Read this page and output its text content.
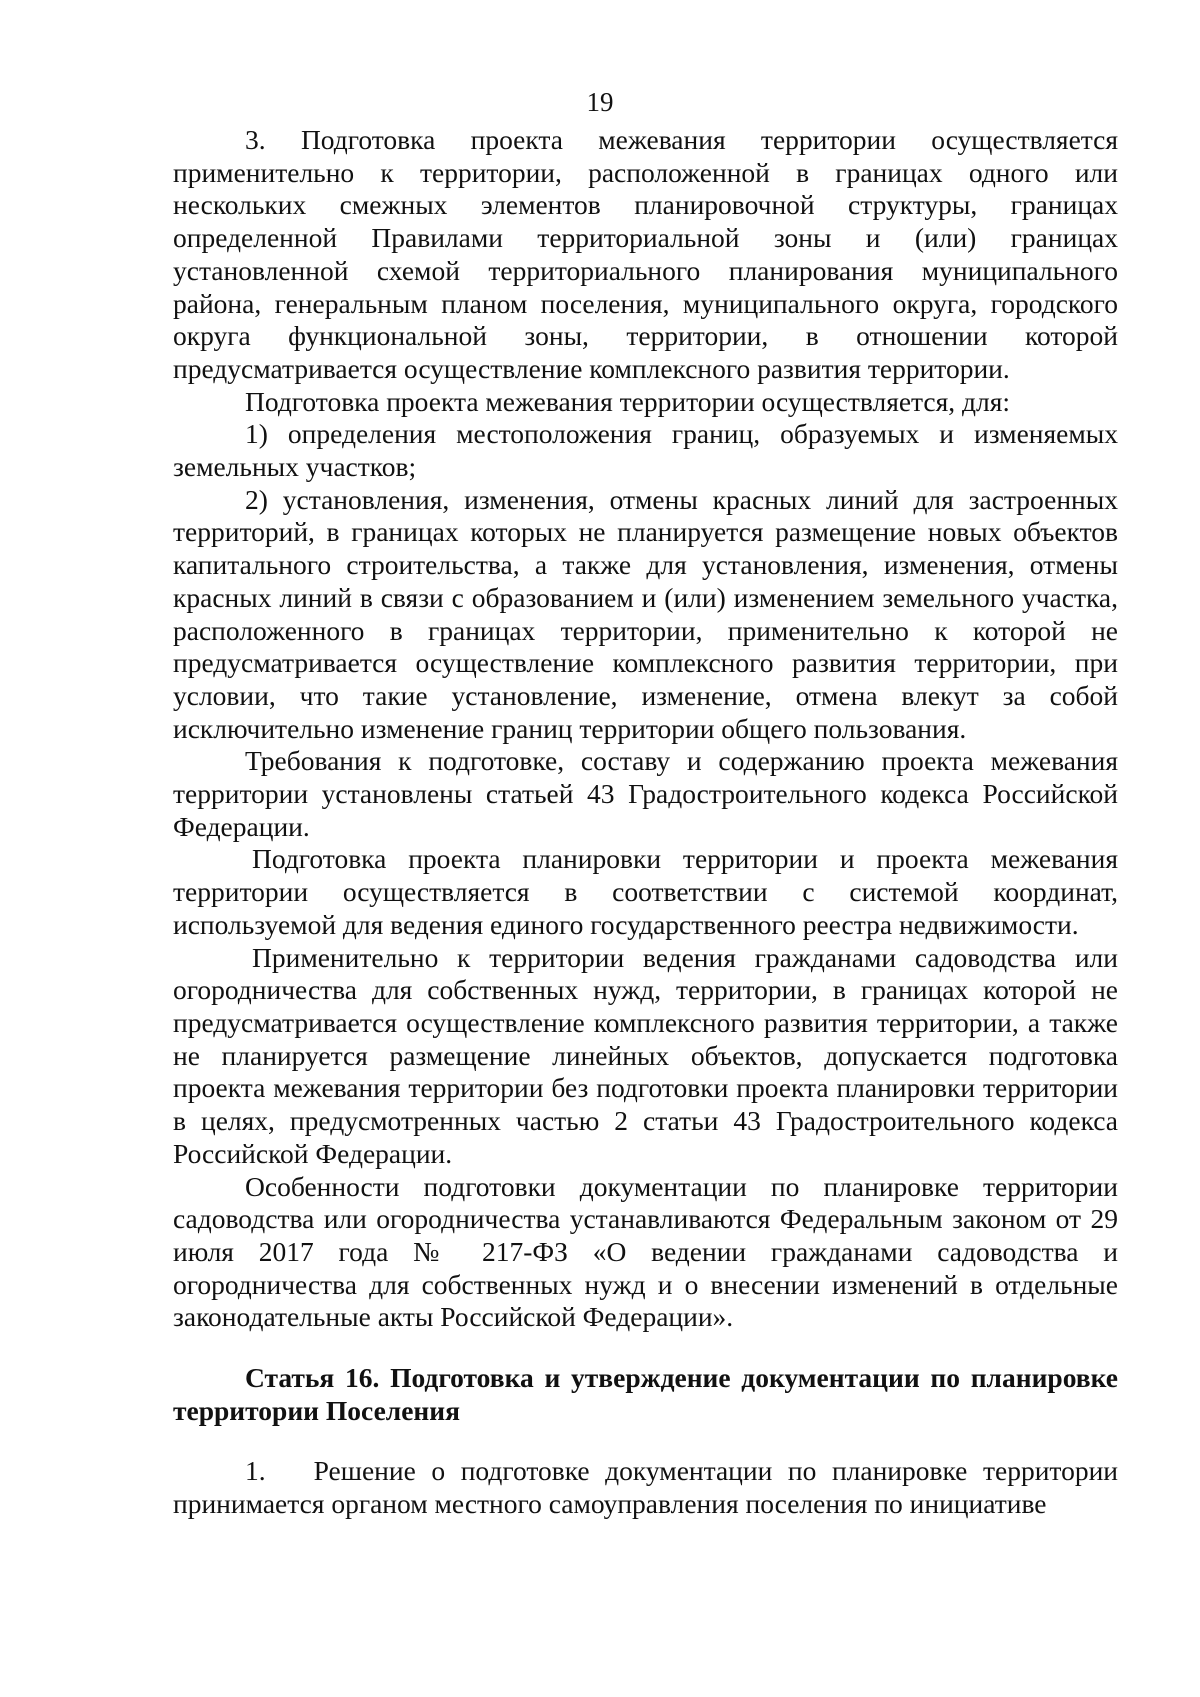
19

3. Подготовка проекта межевания территории осуществляется применительно к территории, расположенной в границах одного или нескольких смежных элементов планировочной структуры, границах определенной Правилами территориальной зоны и (или) границах установленной схемой территориального планирования муниципального района, генеральным планом поселения, муниципального округа, городского округа функциональной зоны, территории, в отношении которой предусматривается осуществление комплексного развития территории.

Подготовка проекта межевания территории осуществляется, для:

1) определения местоположения границ, образуемых и изменяемых земельных участков;

2) установления, изменения, отмены красных линий для застроенных территорий, в границах которых не планируется размещение новых объектов капитального строительства, а также для установления, изменения, отмены красных линий в связи с образованием и (или) изменением земельного участка, расположенного в границах территории, применительно к которой не предусматривается осуществление комплексного развития территории, при условии, что такие установление, изменение, отмена влекут за собой исключительно изменение границ территории общего пользования.

Требования к подготовке, составу и содержанию проекта межевания территории установлены статьей 43 Градостроительного кодекса Российской Федерации.

Подготовка проекта планировки территории и проекта межевания территории осуществляется в соответствии с системой координат, используемой для ведения единого государственного реестра недвижимости.

Применительно к территории ведения гражданами садоводства или огородничества для собственных нужд, территории, в границах которой не предусматривается осуществление комплексного развития территории, а также не планируется размещение линейных объектов, допускается подготовка проекта межевания территории без подготовки проекта планировки территории в целях, предусмотренных частью 2 статьи 43 Градостроительного кодекса Российской Федерации.

Особенности подготовки документации по планировке территории садоводства или огородничества устанавливаются Федеральным законом от 29 июля 2017 года № 217-ФЗ «О ведении гражданами садоводства и огородничества для собственных нужд и о внесении изменений в отдельные законодательные акты Российской Федерации».

Статья 16. Подготовка и утверждение документации по планировке территории Поселения

1. Решение о подготовке документации по планировке территории принимается органом местного самоуправления поселения по инициативе
